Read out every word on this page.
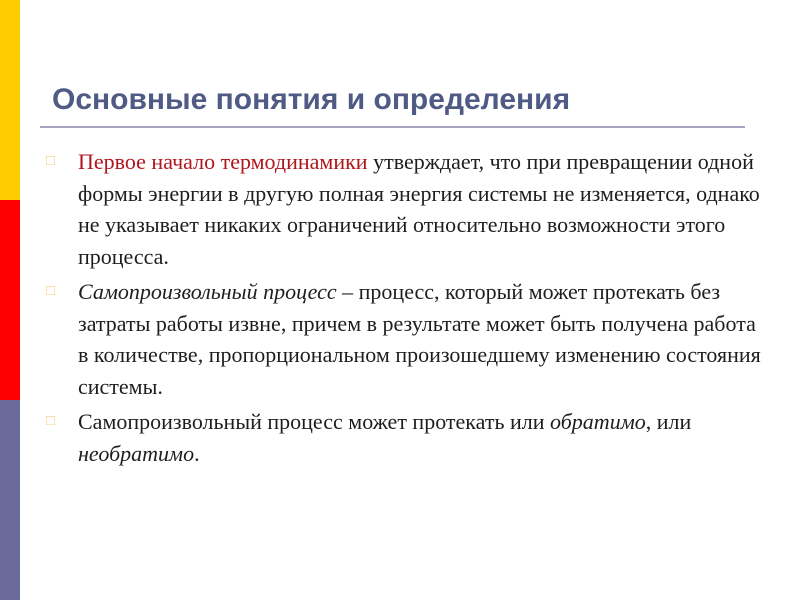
Основные понятия и определения
□	Первое начало термодинамики утверждает, что при превращении одной формы энергии в другую полная энергия системы не изменяется, однако не указывает никаких ограничений относительно возможности этого процесса.
□	Самопроизвольный процесс – процесс, который может протекать без затраты работы извне, причем в результате может быть получена работа в количестве, пропорциональном произошедшему изменению состояния системы.
□	Самопроизвольный процесс может протекать или обратимо, или необратимо.
